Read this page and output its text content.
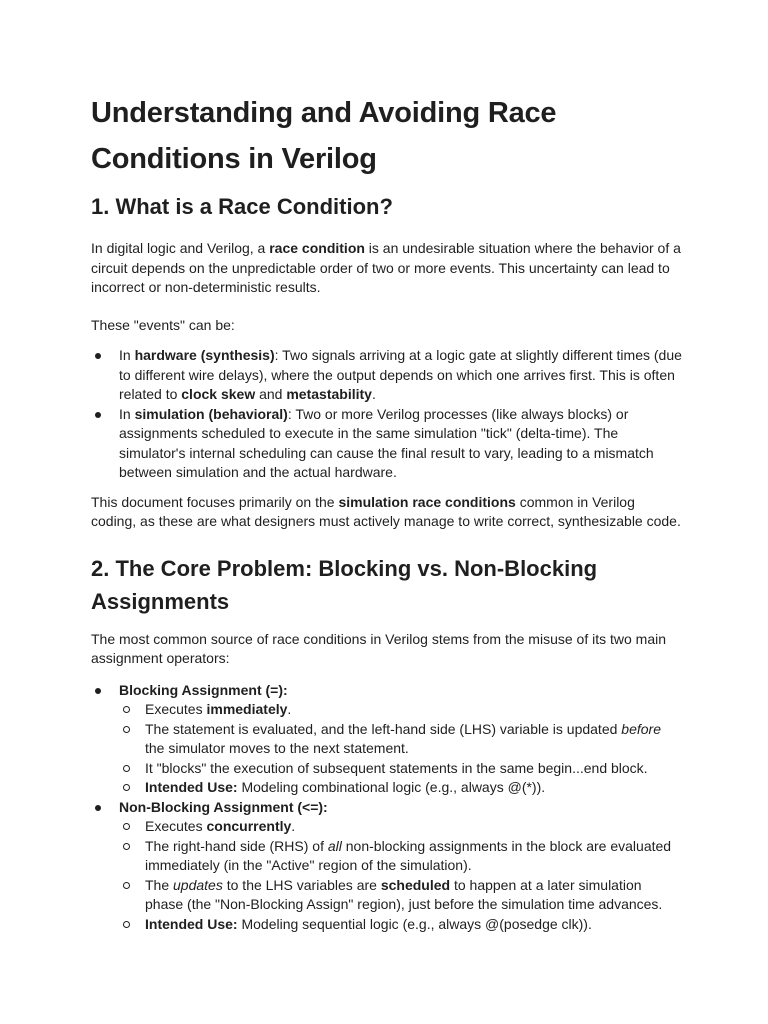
Understanding and Avoiding Race Conditions in Verilog
1. What is a Race Condition?

In digital logic and Verilog, a race condition is an undesirable situation where the behavior of a circuit depends on the unpredictable order of two or more events. This uncertainty can lead to incorrect or non-deterministic results.

These "events" can be:

In hardware (synthesis): Two signals arriving at a logic gate at slightly different times (due to different wire delays), where the output depends on which one arrives first. This is often related to clock skew and metastability.
In simulation (behavioral): Two or more Verilog processes (like always blocks) or assignments scheduled to execute in the same simulation "tick" (delta-time). The simulator's internal scheduling can cause the final result to vary, leading to a mismatch between simulation and the actual hardware.

This document focuses primarily on the simulation race conditions common in Verilog coding, as these are what designers must actively manage to write correct, synthesizable code.

2. The Core Problem: Blocking vs. Non-Blocking Assignments

The most common source of race conditions in Verilog stems from the misuse of its two main assignment operators:

Blocking Assignment (=):
Executes immediately.
The statement is evaluated, and the left-hand side (LHS) variable is updated before the simulator moves to the next statement.
It "blocks" the execution of subsequent statements in the same begin...end block.
Intended Use: Modeling combinational logic (e.g., always @(*)).
Non-Blocking Assignment (<=):
Executes concurrently.
The right-hand side (RHS) of all non-blocking assignments in the block are evaluated immediately (in the "Active" region of the simulation).
The updates to the LHS variables are scheduled to happen at a later simulation phase (the "Non-Blocking Assign" region), just before the simulation time advances.
Intended Use: Modeling sequential logic (e.g., always @(posedge clk)).
